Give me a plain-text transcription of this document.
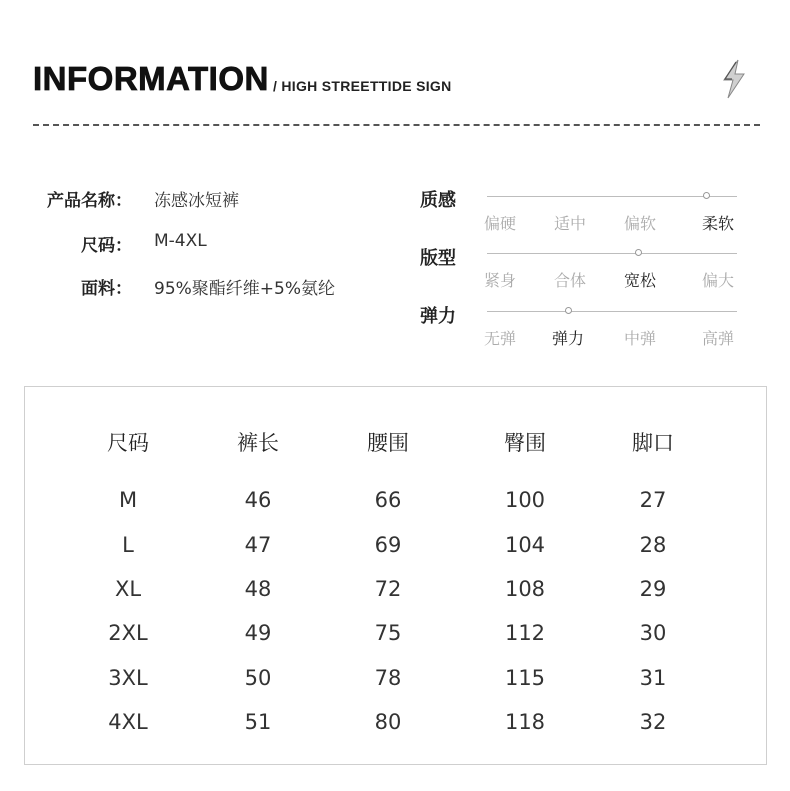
INFORMATION / HIGH STREETTIDE SIGN
产品名称： 冻感冰短裤
尺码： M-4XL
面料： 95%聚酯纤维+5%氨纶
质感
偏硬	适中	偏软	柔软
版型
紧身	合体	宽松	偏大
弹力
无弹	弹力	中弹	高弹
尺码	裤长	腰围	臀围	脚口
M	46	66	100	27
L	47	69	104	28
XL	48	72	108	29
2XL	49	75	112	30
3XL	50	78	115	31
4XL	51	80	118	32
